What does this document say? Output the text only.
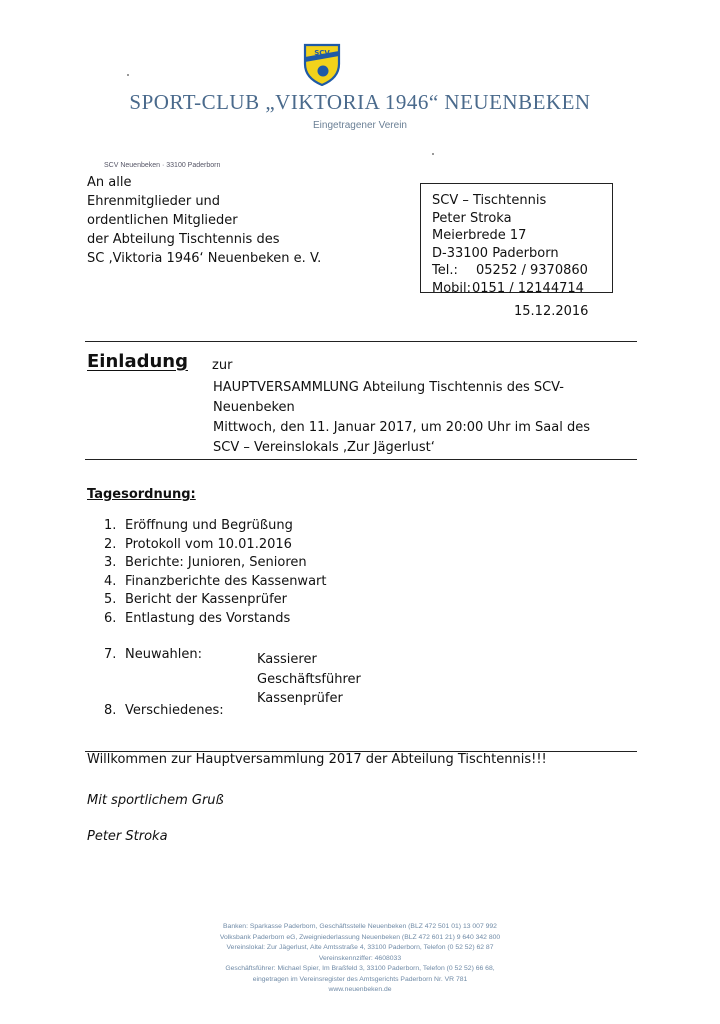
SCV
SPORT-CLUB „VIKTORIA 1946“ NEUENBEKEN
Eingetragener Verein
SCV Neuenbeken · 33100 Paderborn
An alle
Ehrenmitglieder und
ordentlichen Mitglieder
der Abteilung Tischtennis des
SC ‚Viktoria 1946‘ Neuenbeken e. V.
SCV – Tischtennis
Peter Stroka
Meierbrede 17
D-33100 Paderborn
Tel.: 05252 / 9370860
Mobil:0151 / 12144714
15.12.2016
Einladung zur
HAUPTVERSAMMLUNG Abteilung Tischtennis des SCV-
Neuenbeken
Mittwoch, den 11. Januar 2017, um 20:00 Uhr im Saal des
SCV – Vereinslokals ‚Zur Jägerlust‘
Tagesordnung:
1. Eröffnung und Begrüßung
2. Protokoll vom 10.01.2016
3. Berichte: Junioren, Senioren
4. Finanzberichte des Kassenwart
5. Bericht der Kassenprüfer
6. Entlastung des Vorstands
7. Neuwahlen:
8. Verschiedenes:
Kassierer
Geschäftsführer
Kassenprüfer
Willkommen zur Hauptversammlung 2017 der Abteilung Tischtennis!!!
Mit sportlichem Gruß
Peter Stroka
Banken: Sparkasse Paderborn, Geschäftsstelle Neuenbeken (BLZ 472 501 01) 13 007 992
Volksbank Paderborn eG, Zweigniederlassung Neuenbeken (BLZ 472 601 21) 9 640 342 800
Vereinslokal: Zur Jägerlust, Alte Amtsstraße 4, 33100 Paderborn, Telefon (0 52 52) 62 87
Vereinskennziffer: 4608033
Geschäftsführer: Michael Spier, Im Braßfeld 3, 33100 Paderborn, Telefon (0 52 52) 66 68,
eingetragen im Vereinsregister des Amtsgerichts Paderborn Nr. VR 781
www.neuenbeken.de
